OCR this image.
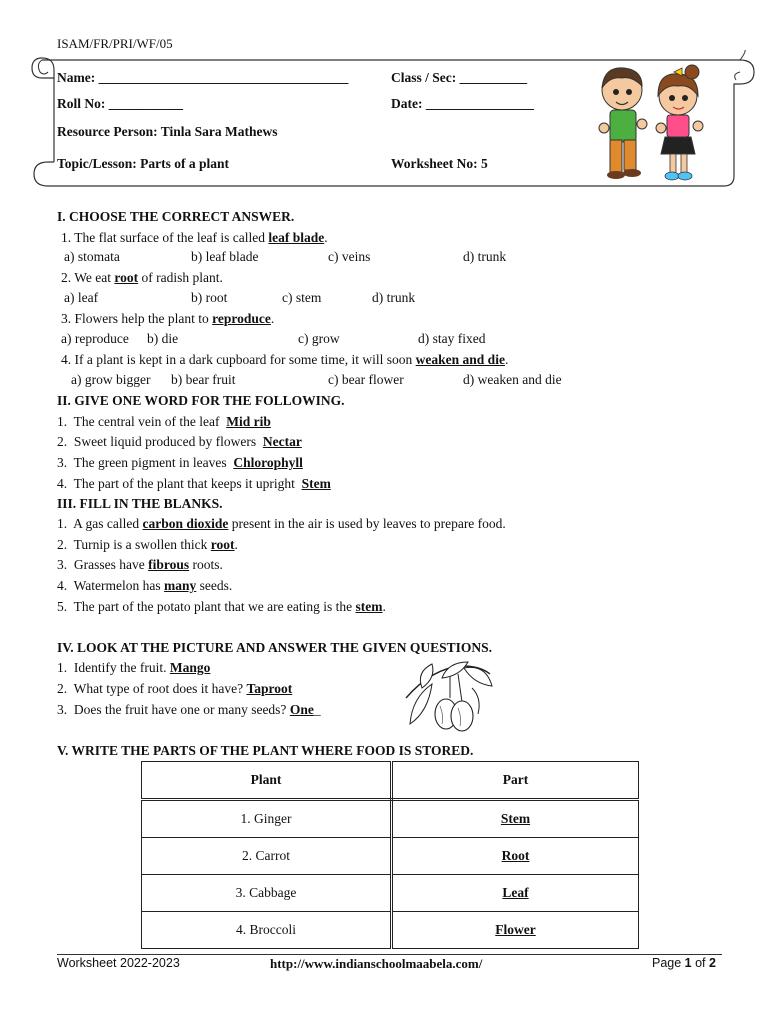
ISAM/FR/PRI/WF/05
Name: _____________________________________	Class / Sec: __________
Roll No: ___________	Date: ________________
Resource Person: Tinla Sara Mathews
Topic/Lesson: Parts of a plant	Worksheet No: 5
I. CHOOSE THE CORRECT ANSWER.
1. The flat surface of the leaf is called leaf blade.
a) stomata	b) leaf blade	c) veins	d) trunk
2. We eat root of radish plant.
a) leaf	b) root	c) stem	d) trunk
3. Flowers help the plant to reproduce.
a) reproduce b) die	c) grow	d) stay fixed
4. If a plant is kept in a dark cupboard for some time, it will soon weaken and die.
a) grow bigger b) bear fruit	c) bear flower	d) weaken and die
II. GIVE ONE WORD FOR THE FOLLOWING.
1. The central vein of the leaf  Mid rib
2. Sweet liquid produced by flowers  Nectar
3. The green pigment in leaves  Chlorophyll
4. The part of the plant that keeps it upright  Stem
III. FILL IN THE BLANKS.
1. A gas called carbon dioxide present in the air is used by leaves to prepare food.
2. Turnip is a swollen thick root.
3. Grasses have fibrous roots.
4. Watermelon has many seeds.
5. The part of the potato plant that we are eating is the stem.
IV. LOOK AT THE PICTURE AND ANSWER THE GIVEN QUESTIONS.
1. Identify the fruit. Mango
2. What type of root does it have? Taproot
3. Does the fruit have one or many seeds? One_
V. WRITE THE PARTS OF THE PLANT WHERE FOOD IS STORED.
Plant	Part
1. Ginger	Stem
2. Carrot	Root
3. Cabbage	Leaf
4. Broccoli	Flower
Worksheet 2022-2023	http://www.indianschoolmaabela.com/	Page 1 of 2
